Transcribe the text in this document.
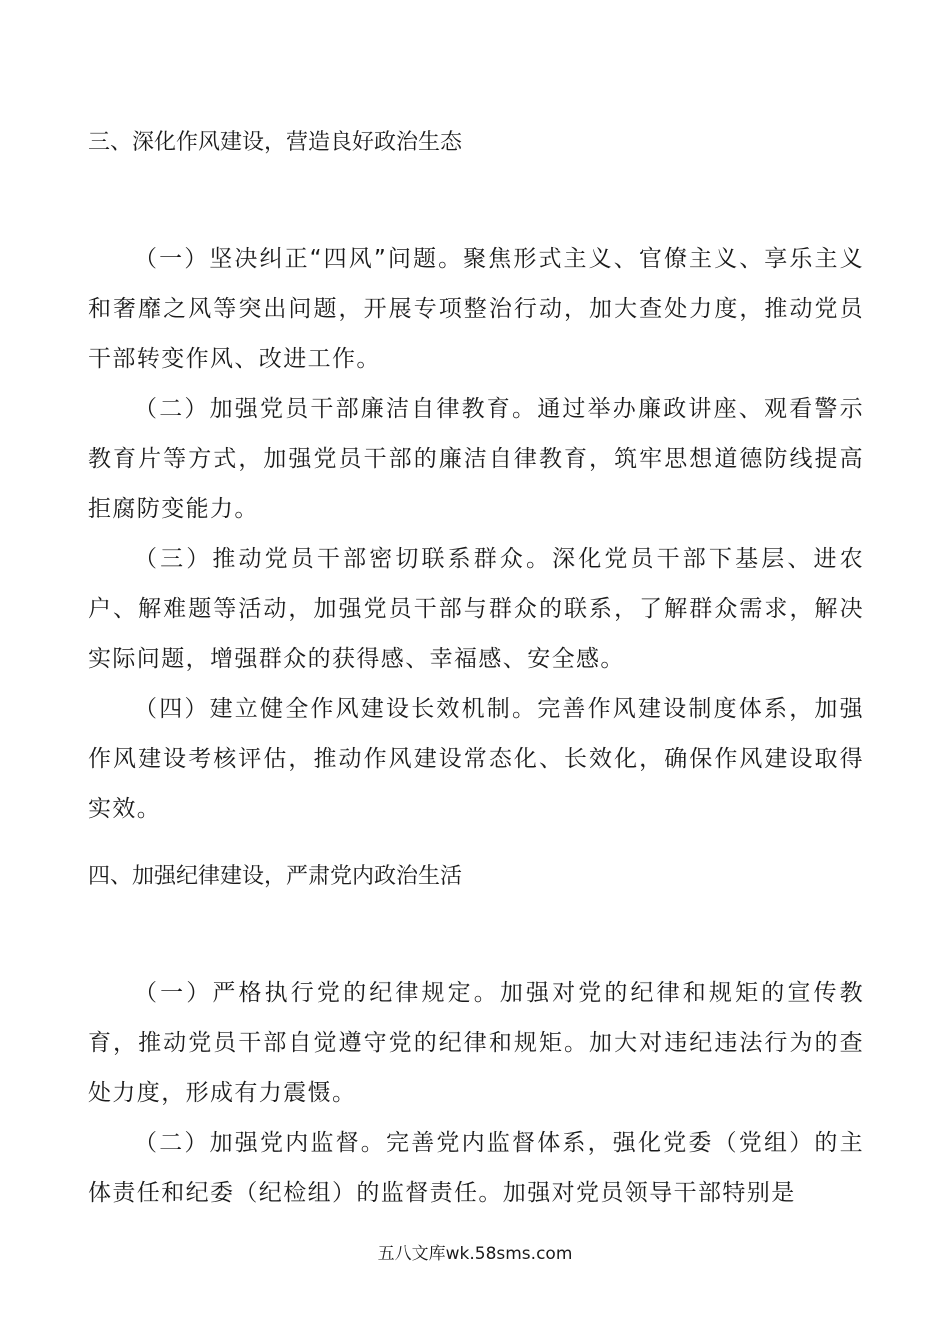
三、深化作风建设，营造良好政治生态

（一）坚决纠正“四风”问题。聚焦形式主义、官僚主义、享乐主义和奢靡之风等突出问题，开展专项整治行动，加大查处力度，推动党员干部转变作风、改进工作。

（二）加强党员干部廉洁自律教育。通过举办廉政讲座、观看警示教育片等方式，加强党员干部的廉洁自律教育，筑牢思想道德防线提高拒腐防变能力。

（三）推动党员干部密切联系群众。深化党员干部下基层、进农户、解难题等活动，加强党员干部与群众的联系，了解群众需求，解决实际问题，增强群众的获得感、幸福感、安全感。

（四）建立健全作风建设长效机制。完善作风建设制度体系，加强作风建设考核评估，推动作风建设常态化、长效化，确保作风建设取得实效。

四、加强纪律建设，严肃党内政治生活

（一）严格执行党的纪律规定。加强对党的纪律和规矩的宣传教育，推动党员干部自觉遵守党的纪律和规矩。加大对违纪违法行为的查处力度，形成有力震慑。

（二）加强党内监督。完善党内监督体系，强化党委（党组）的主体责任和纪委（纪检组）的监督责任。加强对党员领导干部特别是

五八文库wk.58sms.com
